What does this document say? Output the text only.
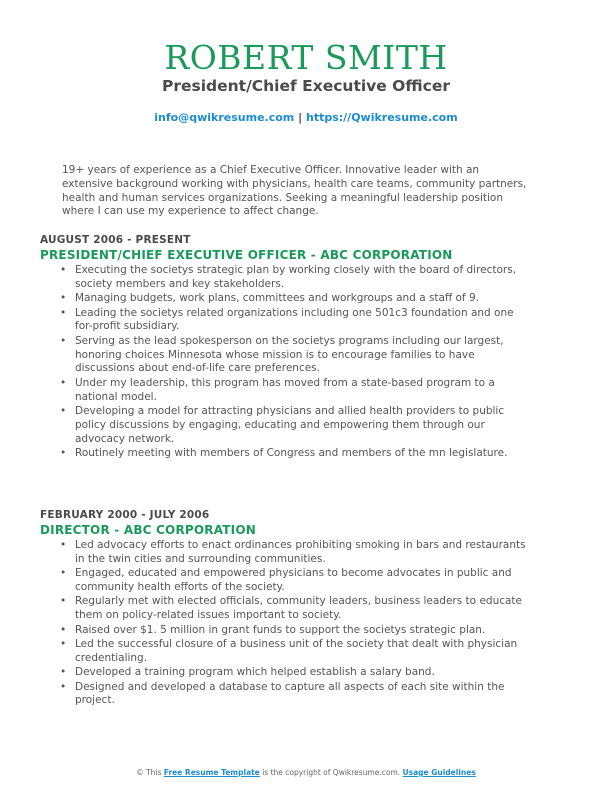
ROBERT SMITH
President/Chief Executive Officer
info@qwikresume.com | https://Qwikresume.com
19+ years of experience as a Chief Executive Officer. Innovative leader with an extensive background working with physicians, health care teams, community partners, health and human services organizations. Seeking a meaningful leadership position where I can use my experience to affect change.
AUGUST 2006 - PRESENT
PRESIDENT/CHIEF EXECUTIVE OFFICER - ABC CORPORATION
• Executing the societys strategic plan by working closely with the board of directors, society members and key stakeholders.
• Managing budgets, work plans, committees and workgroups and a staff of 9.
• Leading the societys related organizations including one 501c3 foundation and one for-profit subsidiary.
• Serving as the lead spokesperson on the societys programs including our largest, honoring choices Minnesota whose mission is to encourage families to have discussions about end-of-life care preferences.
• Under my leadership, this program has moved from a state-based program to a national model.
• Developing a model for attracting physicians and allied health providers to public policy discussions by engaging, educating and empowering them through our advocacy network.
• Routinely meeting with members of Congress and members of the mn legislature.
FEBRUARY 2000 - JULY 2006
DIRECTOR - ABC CORPORATION
• Led advocacy efforts to enact ordinances prohibiting smoking in bars and restaurants in the twin cities and surrounding communities.
• Engaged, educated and empowered physicians to become advocates in public and community health efforts of the society.
• Regularly met with elected officials, community leaders, business leaders to educate them on policy-related issues important to society.
• Raised over $1. 5 million in grant funds to support the societys strategic plan.
• Led the successful closure of a business unit of the society that dealt with physician credentialing.
• Developed a training program which helped establish a salary band.
• Designed and developed a database to capture all aspects of each site within the project.
© This Free Resume Template is the copyright of Qwikresume.com. Usage Guidelines
